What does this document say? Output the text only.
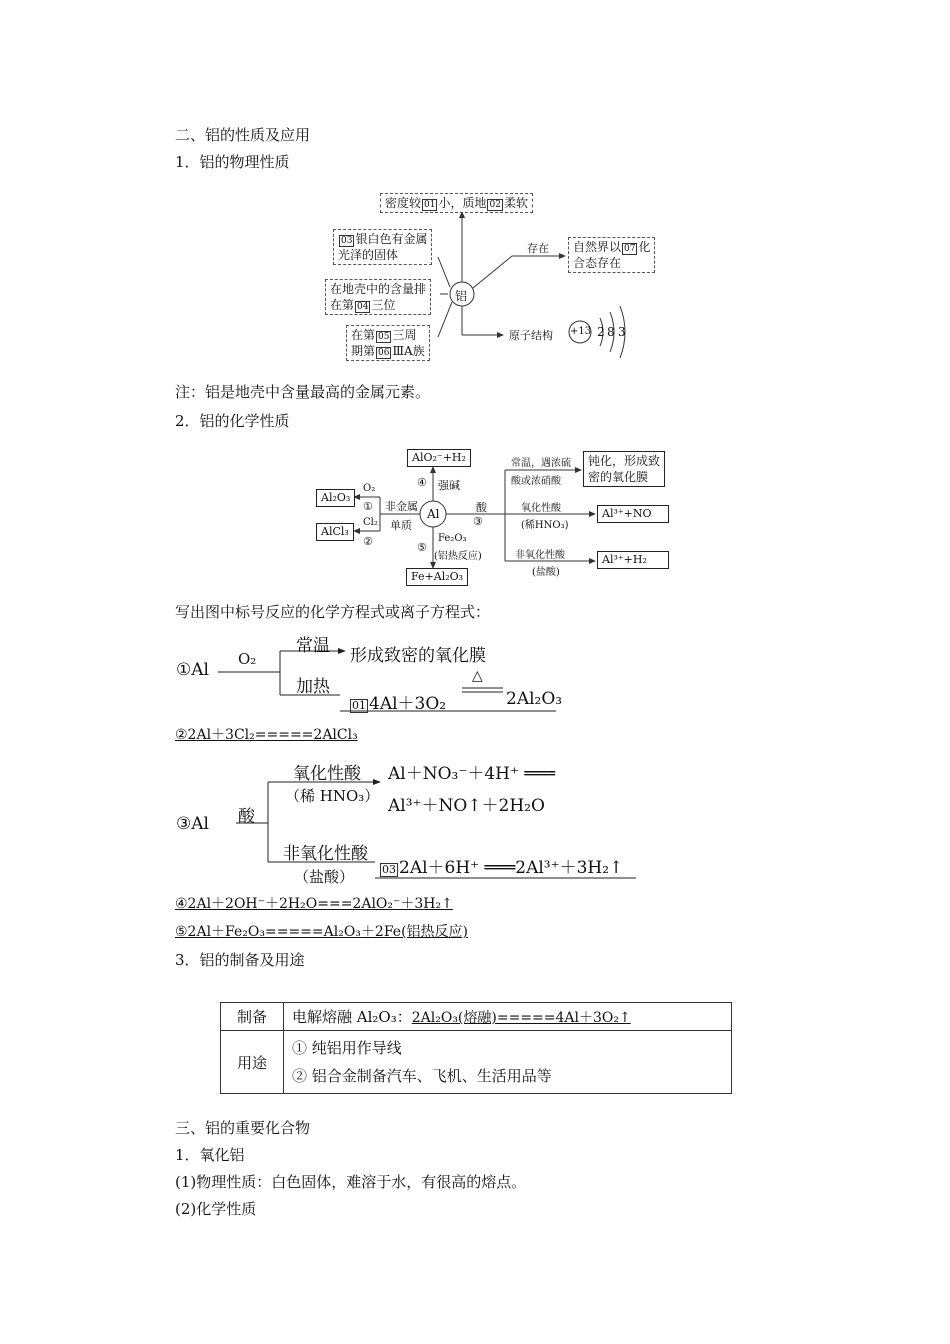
二、铝的性质及应用
1．铝的物理性质
密度较 01 小，质地 02 柔软
03 银白色有金属
光泽的固体
在地壳中的含量排
在第 04 三位
在第 05 三周
期第 06 ⅢA族
铝
存在 自然界以 07 化
合态存在
原子结构 +13 2 8 3
注：铝是地壳中含量最高的金属元素。
2．铝的化学性质
Al
AlO₂⁻+H₂
④ 强碱
Al₂O₃
O₂
①
AlCl₃
Cl₂
②
非金属
单质
酸
③
⑤
Fe₂O₃
(铝热反应)
Fe+Al₂O₃
常温，遇浓硫
酸或浓硝酸
钝化，形成致
密的氧化膜
氧化性酸
(稀HNO₃)
Al³⁺+NO
非氧化性酸
(盐酸)
Al³⁺+H₂
写出图中标号反应的化学方程式或离子方程式：
①Al
O₂
常温 形成致密的氧化膜
加热
01 4Al＋3O₂
△
2Al₂O₃
②2Al＋3Cl₂=====2AlCl₃
③Al 酸
氧化性酸
（稀 HNO₃）
Al＋NO₃⁻＋4H⁺ ═══
Al³⁺＋NO↑＋2H₂O
非氧化性酸
（盐酸）	03 2Al＋6H⁺ ═══2Al³⁺＋3H₂↑
④2Al＋2OH⁻＋2H₂O===2AlO₂⁻＋3H₂↑
⑤2Al＋Fe₂O₃=====Al₂O₃＋2Fe(铝热反应)
3．铝的制备及用途
制备	电解熔融 Al₂O₃：2Al₂O₃(熔融)=====4Al＋3O₂↑
用途	① 纯铝用作导线
② 铝合金制备汽车、飞机、生活用品等
三、铝的重要化合物
1．氧化铝
(1)物理性质：白色固体，难溶于水，有很高的熔点。
(2)化学性质
